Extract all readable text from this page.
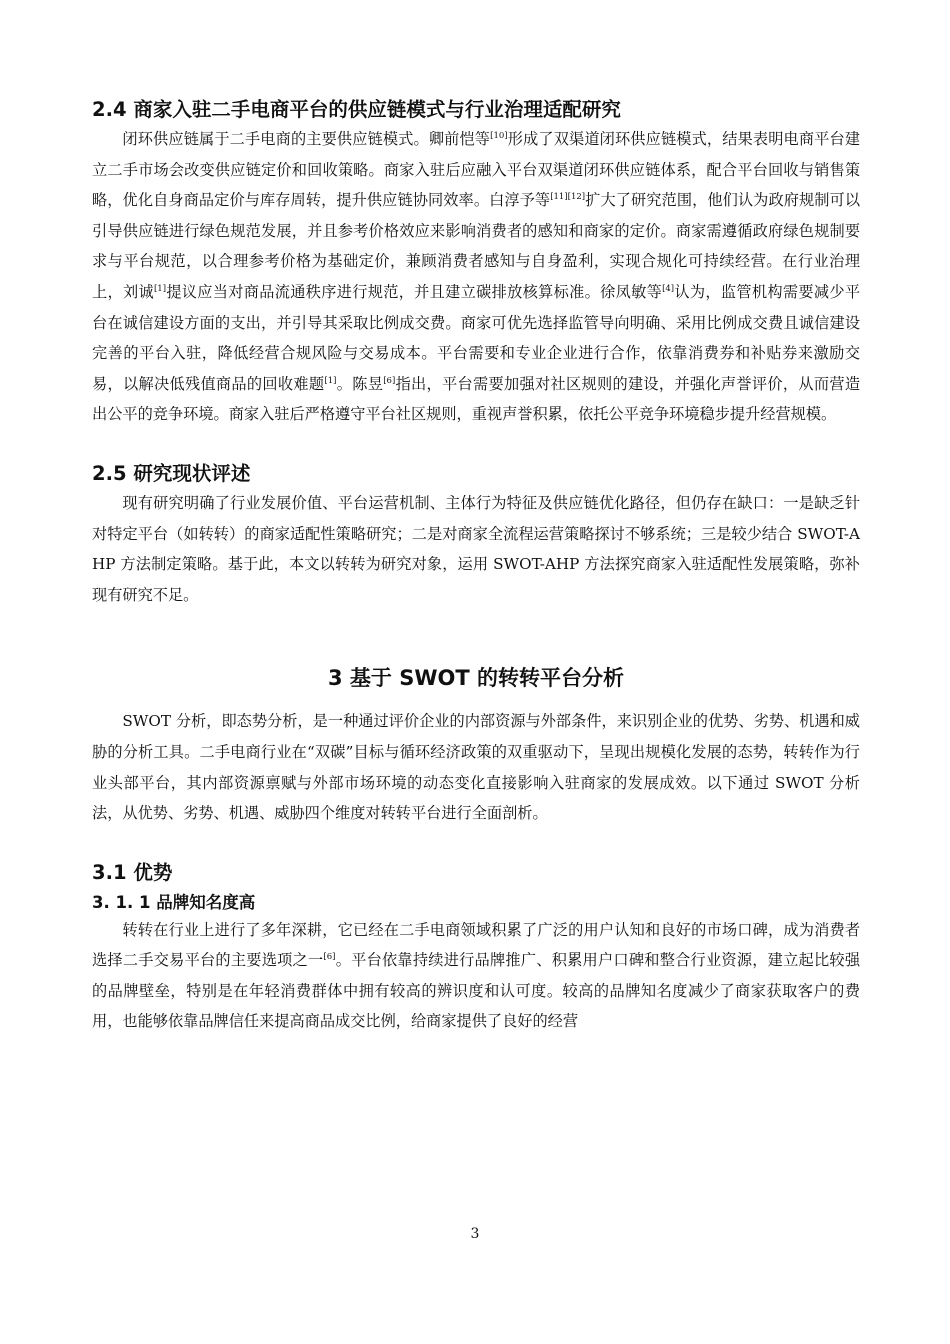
2.4 商家入驻二手电商平台的供应链模式与行业治理适配研究

闭环供应链属于二手电商的主要供应链模式。卿前恺等[10]形成了双渠道闭环供应链模式，结果表明电商平台建立二手市场会改变供应链定价和回收策略。商家入驻后应融入平台双渠道闭环供应链体系，配合平台回收与销售策略，优化自身商品定价与库存周转，提升供应链协同效率。白淳予等[11][12]扩大了研究范围，他们认为政府规制可以引导供应链进行绿色规范发展，并且参考价格效应来影响消费者的感知和商家的定价。商家需遵循政府绿色规制要求与平台规范，以合理参考价格为基础定价，兼顾消费者感知与自身盈利，实现合规化可持续经营。在行业治理上，刘诚[1]提议应当对商品流通秩序进行规范，并且建立碳排放核算标准。徐凤敏等[4]认为，监管机构需要减少平台在诚信建设方面的支出，并引导其采取比例成交费。商家可优先选择监管导向明确、采用比例成交费且诚信建设完善的平台入驻，降低经营合规风险与交易成本。平台需要和专业企业进行合作，依靠消费券和补贴券来激励交易，以解决低残值商品的回收难题[1]。陈昱[6]指出，平台需要加强对社区规则的建设，并强化声誉评价，从而营造出公平的竞争环境。商家入驻后严格遵守平台社区规则，重视声誉积累，依托公平竞争环境稳步提升经营规模。

2.5 研究现状评述

现有研究明确了行业发展价值、平台运营机制、主体行为特征及供应链优化路径，但仍存在缺口：一是缺乏针对特定平台（如转转）的商家适配性策略研究；二是对商家全流程运营策略探讨不够系统；三是较少结合 SWOT-AHP 方法制定策略。基于此，本文以转转为研究对象，运用 SWOT-AHP 方法探究商家入驻适配性发展策略，弥补现有研究不足。

3 基于 SWOT 的转转平台分析

SWOT 分析，即态势分析，是一种通过评价企业的内部资源与外部条件，来识别企业的优势、劣势、机遇和威胁的分析工具。二手电商行业在“双碳”目标与循环经济政策的双重驱动下，呈现出规模化发展的态势，转转作为行业头部平台，其内部资源禀赋与外部市场环境的动态变化直接影响入驻商家的发展成效。以下通过 SWOT 分析法，从优势、劣势、机遇、威胁四个维度对转转平台进行全面剖析。

3.1 优势
3. 1. 1 品牌知名度高

转转在行业上进行了多年深耕，它已经在二手电商领域积累了广泛的用户认知和良好的市场口碑，成为消费者选择二手交易平台的主要选项之一[6]。平台依靠持续进行品牌推广、积累用户口碑和整合行业资源，建立起比较强的品牌壁垒，特别是在年轻消费群体中拥有较高的辨识度和认可度。较高的品牌知名度减少了商家获取客户的费用，也能够依靠品牌信任来提高商品成交比例，给商家提供了良好的经营

3
